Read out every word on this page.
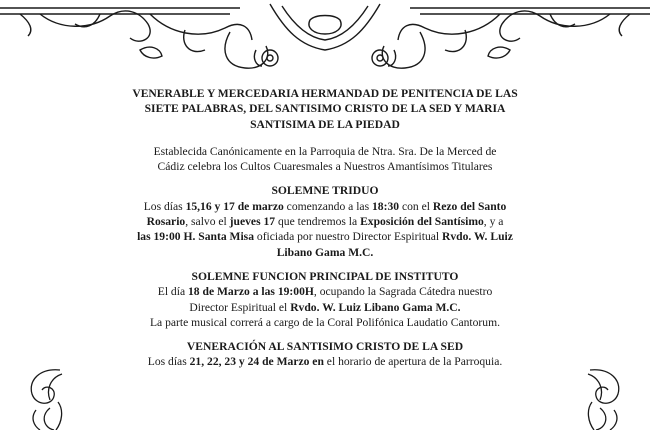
VENERABLE Y MERCEDARIA HERMANDAD DE PENITENCIA DE LAS

SIETE PALABRAS, DEL SANTISIMO CRISTO DE LA SED Y MARIA

SANTISIMA DE LA PIEDAD

Establecida Canónicamente en la Parroquia de Ntra. Sra. De la Merced de

Cádiz celebra los Cultos Cuaresmales a Nuestros Amantísimos Titulares

SOLEMNE TRIDUO

Los días 15,16 y 17 de marzo comenzando a las 18:30 con el Rezo del Santo

Rosario, salvo el jueves 17 que tendremos la Exposición del Santísimo, y a

las 19:00 H. Santa Misa oficiada por nuestro Director Espiritual Rvdo. W. Luiz

Libano Gama M.C.

SOLEMNE FUNCION PRINCIPAL DE INSTITUTO

El día 18 de Marzo a las 19:00H, ocupando la Sagrada Cátedra nuestro

Director Espiritual el Rvdo. W. Luiz Libano Gama M.C.

La parte musical correrá a cargo de la Coral Polifónica Laudatio Cantorum.

VENERACIÓN AL SANTISIMO CRISTO DE LA SED

Los días 21, 22, 23 y 24 de Marzo en el horario de apertura de la Parroquia.
